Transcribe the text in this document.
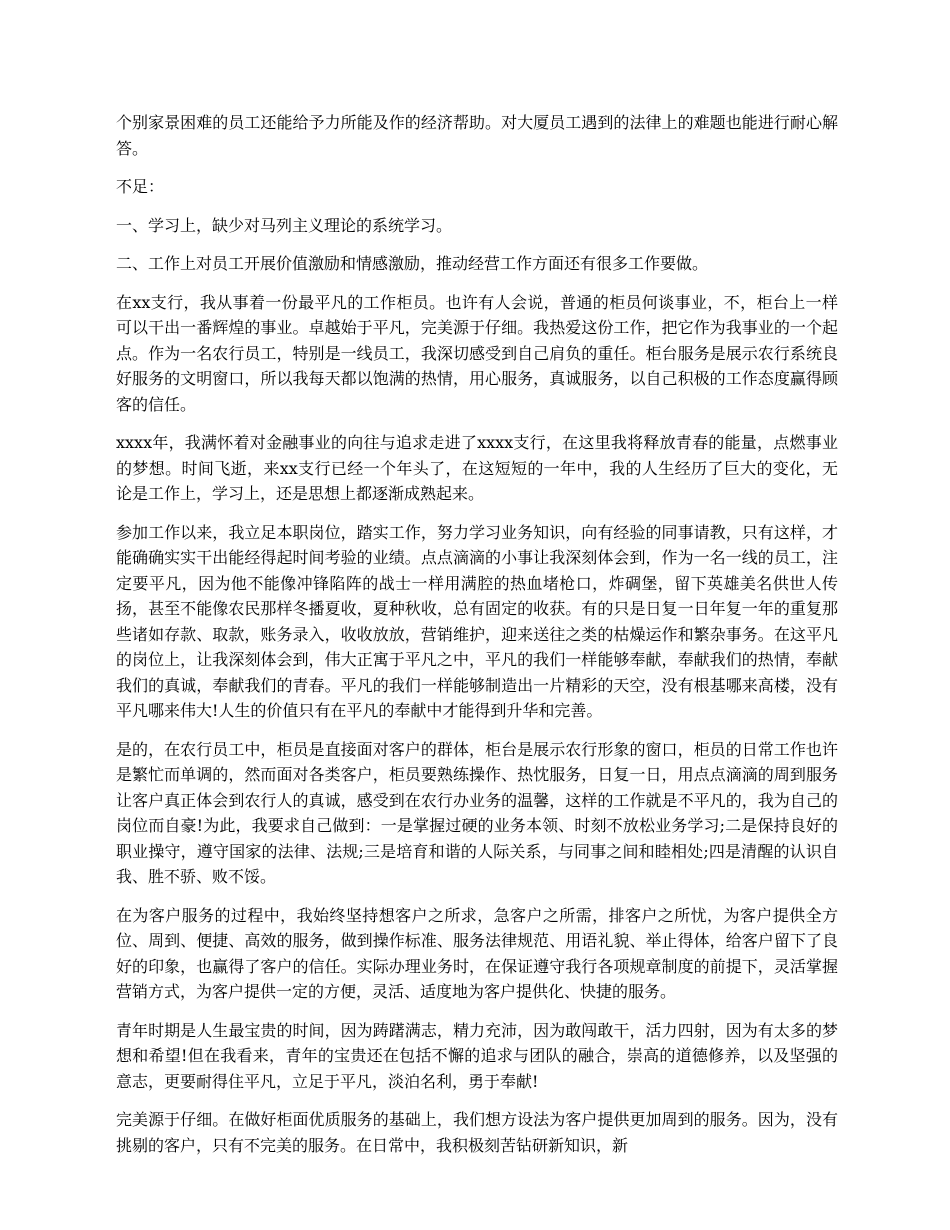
个别家景困难的员工还能给予力所能及作的经济帮助。对大厦员工遇到的法律上的难题也能进行耐心解答。

不足：

一、学习上，缺少对马列主义理论的系统学习。

二、工作上对员工开展价值激励和情感激励，推动经营工作方面还有很多工作要做。

在xx支行，我从事着一份最平凡的工作柜员。也许有人会说，普通的柜员何谈事业，不，柜台上一样可以干出一番辉煌的事业。卓越始于平凡，完美源于仔细。我热爱这份工作，把它作为我事业的一个起点。作为一名农行员工，特别是一线员工，我深切感受到自己肩负的重任。柜台服务是展示农行系统良好服务的文明窗口，所以我每天都以饱满的热情，用心服务，真诚服务，以自己积极的工作态度赢得顾客的信任。

xxxx年，我满怀着对金融事业的向往与追求走进了xxxx支行，在这里我将释放青春的能量，点燃事业的梦想。时间飞逝，来xx支行已经一个年头了，在这短短的一年中，我的人生经历了巨大的变化，无论是工作上，学习上，还是思想上都逐渐成熟起来。

参加工作以来，我立足本职岗位，踏实工作，努力学习业务知识，向有经验的同事请教，只有这样，才能确确实实干出能经得起时间考验的业绩。点点滴滴的小事让我深刻体会到，作为一名一线的员工，注定要平凡，因为他不能像冲锋陷阵的战士一样用满腔的热血堵枪口，炸碉堡，留下英雄美名供世人传扬，甚至不能像农民那样冬播夏收，夏种秋收，总有固定的收获。有的只是日复一日年复一年的重复那些诸如存款、取款，账务录入，收收放放，营销维护，迎来送往之类的枯燥运作和繁杂事务。在这平凡的岗位上，让我深刻体会到，伟大正寓于平凡之中，平凡的我们一样能够奉献，奉献我们的热情，奉献我们的真诚，奉献我们的青春。平凡的我们一样能够制造出一片精彩的天空，没有根基哪来高楼，没有平凡哪来伟大!人生的价值只有在平凡的奉献中才能得到升华和完善。

是的，在农行员工中，柜员是直接面对客户的群体，柜台是展示农行形象的窗口，柜员的日常工作也许是繁忙而单调的，然而面对各类客户，柜员要熟练操作、热忱服务，日复一日，用点点滴滴的周到服务让客户真正体会到农行人的真诚，感受到在农行办业务的温馨，这样的工作就是不平凡的，我为自己的岗位而自豪!为此，我要求自己做到：一是掌握过硬的业务本领、时刻不放松业务学习;二是保持良好的职业操守，遵守国家的法律、法规;三是培育和谐的人际关系，与同事之间和睦相处;四是清醒的认识自我、胜不骄、败不馁。

在为客户服务的过程中，我始终坚持想客户之所求，急客户之所需，排客户之所忧，为客户提供全方位、周到、便捷、高效的服务，做到操作标准、服务法律规范、用语礼貌、举止得体，给客户留下了良好的印象，也赢得了客户的信任。实际办理业务时，在保证遵守我行各项规章制度的前提下，灵活掌握营销方式，为客户提供一定的方便，灵活、适度地为客户提供化、快捷的服务。

青年时期是人生最宝贵的时间，因为踌躇满志，精力充沛，因为敢闯敢干，活力四射，因为有太多的梦想和希望!但在我看来，青年的宝贵还在包括不懈的追求与团队的融合，崇高的道德修养，以及坚强的意志，更要耐得住平凡，立足于平凡，淡泊名利，勇于奉献!

完美源于仔细。在做好柜面优质服务的基础上，我们想方设法为客户提供更加周到的服务。因为，没有挑剔的客户，只有不完美的服务。在日常中，我积极刻苦钻研新知识，新
